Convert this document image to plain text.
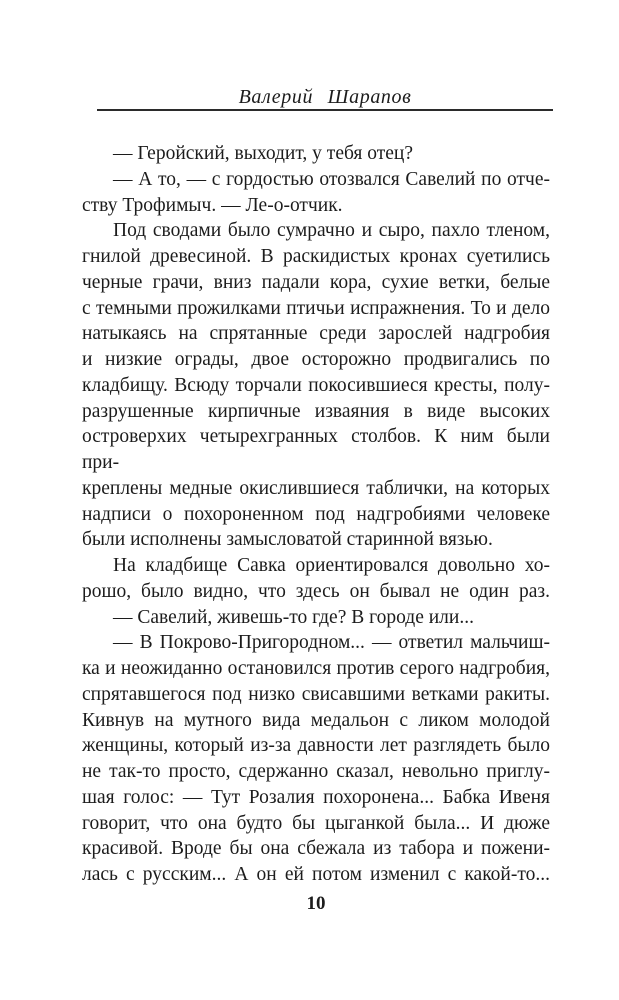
Валерий Шарапов
— Геройский, выходит, у тебя отец?
— А то, — с гордостью отозвался Савелий по отче-
ству Трофимыч. — Ле-о-отчик.
Под сводами было сумрачно и сыро, пахло тленом,
гнилой древесиной. В раскидистых кронах суетились
черные грачи, вниз падали кора, сухие ветки, белые
с темными прожилками птичьи испражнения. То и дело
натыкаясь на спрятанные среди зарослей надгробия
и низкие ограды, двое осторожно продвигались по
кладбищу. Всюду торчали покосившиеся кресты, полу-
разрушенные кирпичные изваяния в виде высоких
островерхих четырехгранных столбов. К ним были при-
креплены медные окислившиеся таблички, на которых
надписи о похороненном под надгробиями человеке
были исполнены замысловатой старинной вязью.
На кладбище Савка ориентировался довольно хо-
рошо, было видно, что здесь он бывал не один раз.
— Савелий, живешь-то где? В городе или...
— В Покрово-Пригородном... — ответил мальчиш-
ка и неожиданно остановился против серого надгробия,
спрятавшегося под низко свисавшими ветками ракиты.
Кивнув на мутного вида медальон с ликом молодой
женщины, который из-за давности лет разглядеть было
не так-то просто, сдержанно сказал, невольно приглу-
шая голос: — Тут Розалия похоронена... Бабка Ивеня
говорит, что она будто бы цыганкой была... И дюже
красивой. Вроде бы она сбежала из табора и пожени-
лась с русским... А он ей потом изменил с какой-то...
10
